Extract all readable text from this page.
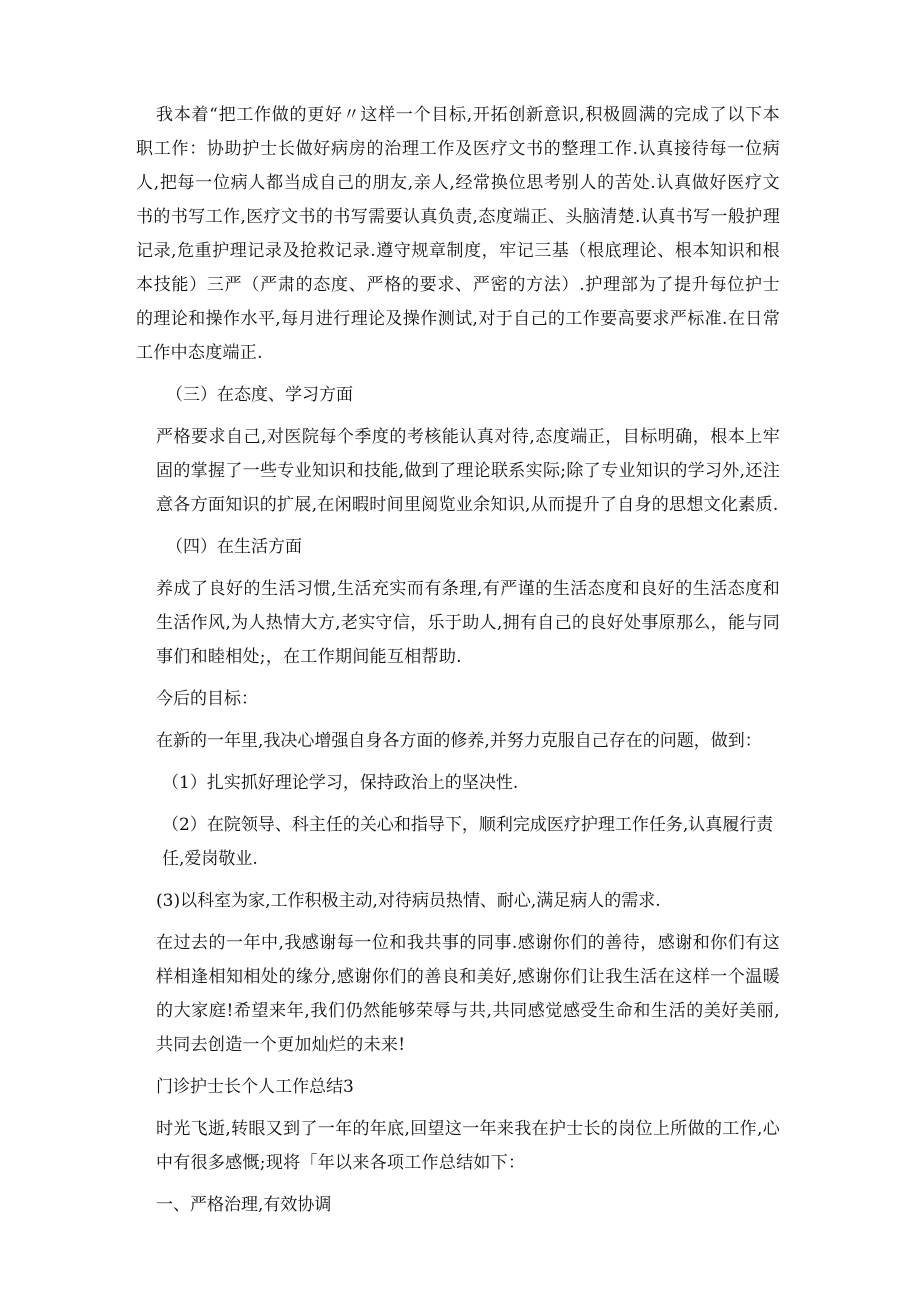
我本着“把工作做的更好〃这样一个目标,开拓创新意识,积极圆满的完成了以下本职工作：协助护士长做好病房的治理工作及医疗文书的整理工作.认真接待每一位病人,把每一位病人都当成自己的朋友,亲人,经常换位思考别人的苦处.认真做好医疗文书的书写工作,医疗文书的书写需要认真负责,态度端正、头脑清楚.认真书写一般护理记录,危重护理记录及抢救记录.遵守规章制度，牢记三基（根底理论、根本知识和根本技能）三严（严肃的态度、严格的要求、严密的方法）.护理部为了提升每位护士的理论和操作水平,每月进行理论及操作测试,对于自己的工作要高要求严标准.在日常工作中态度端正.

（三）在态度、学习方面

严格要求自己,对医院每个季度的考核能认真对待,态度端正，目标明确，根本上牢固的掌握了一些专业知识和技能,做到了理论联系实际;除了专业知识的学习外,还注意各方面知识的扩展,在闲暇时间里阅览业余知识,从而提升了自身的思想文化素质.

（四）在生活方面

养成了良好的生活习惯,生活充实而有条理,有严谨的生活态度和良好的生活态度和生活作风,为人热情大方,老实守信，乐于助人,拥有自己的良好处事原那么，能与同事们和睦相处;，在工作期间能互相帮助.

今后的目标：

在新的一年里,我决心增强自身各方面的修养,并努力克服自己存在的问题，做到：

（1）扎实抓好理论学习，保持政治上的坚决性.

（2）在院领导、科主任的关心和指导下，顺利完成医疗护理工作任务,认真履行责任,爱岗敬业.

(3)以科室为家,工作积极主动,对待病员热情、耐心,满足病人的需求.

在过去的一年中,我感谢每一位和我共事的同事.感谢你们的善待，感谢和你们有这样相逢相知相处的缘分,感谢你们的善良和美好,感谢你们让我生活在这样一个温暖的大家庭!希望来年,我们仍然能够荣辱与共,共同感觉感受生命和生活的美好美丽,共同去创造一个更加灿烂的未来!

门诊护士长个人工作总结3

时光飞逝,转眼又到了一年的年底,回望这一年来我在护士长的岗位上所做的工作,心中有很多感慨;现将「年以来各项工作总结如下：

一、严格治理,有效协调
